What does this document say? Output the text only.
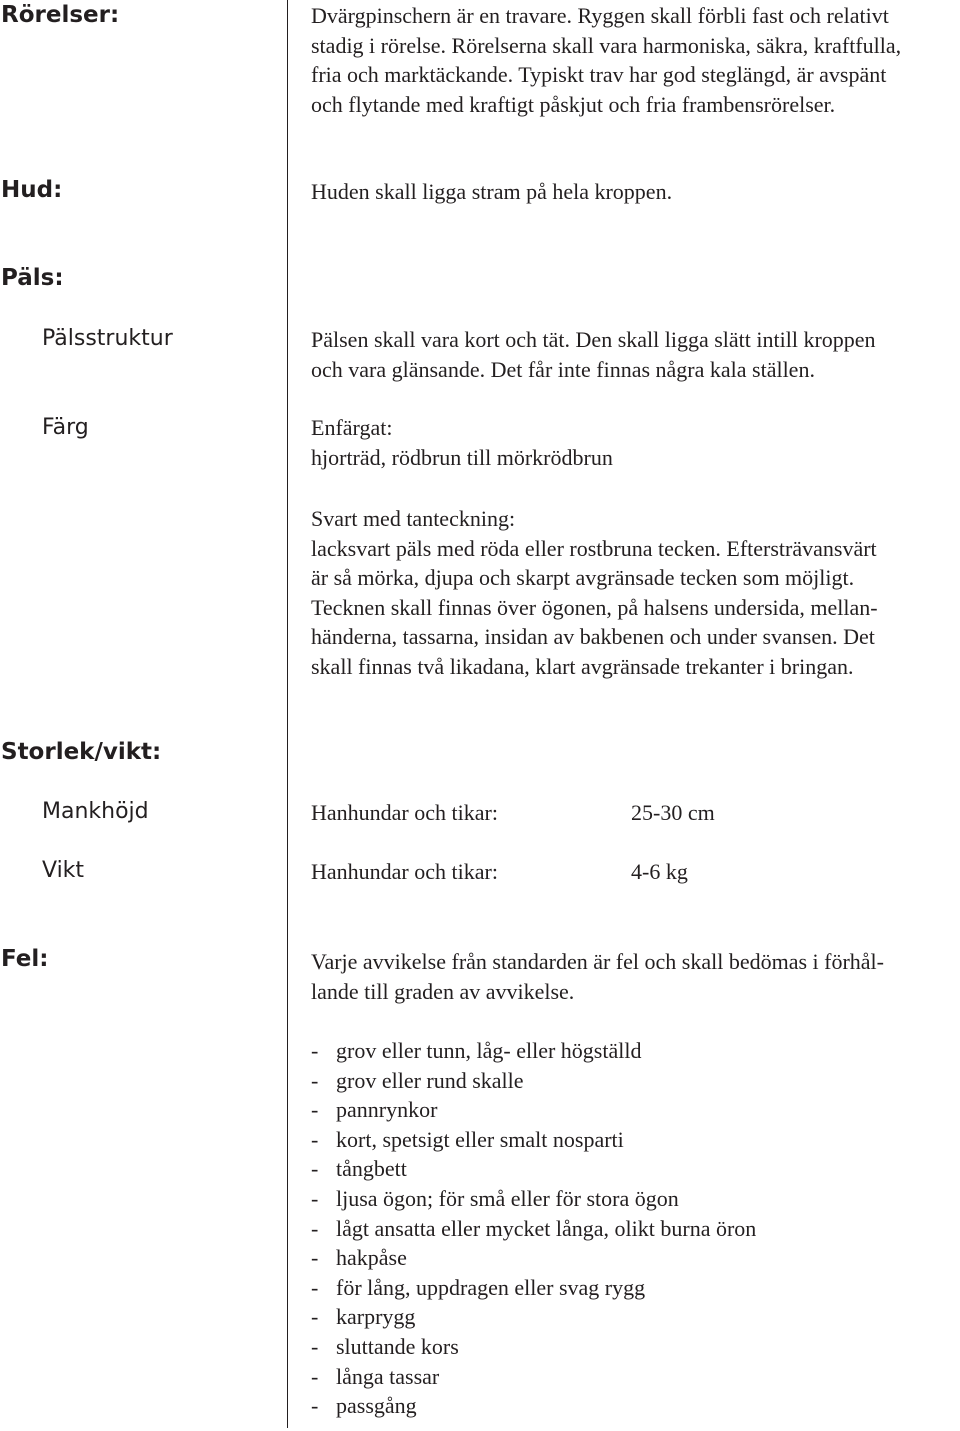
Rörelser:	Dvärgpinschern är en travare. Ryggen skall förbli fast och relativt
stadig i rörelse. Rörelserna skall vara harmoniska, säkra, kraftfulla,
fria och marktäckande. Typiskt trav har god steglängd, är avspänt
och flytande med kraftigt påskjut och fria frambensrörelser.
Hud:	Huden skall ligga stram på hela kroppen.
Päls:
Pälsstruktur	Pälsen skall vara kort och tät. Den skall ligga slätt intill kroppen
och vara glänsande. Det får inte finnas några kala ställen.
Färg	Enfärgat:
hjorträd, rödbrun till mörkrödbrun
Svart med tanteckning:
lacksvart päls med röda eller rostbruna tecken. Eftersträvansvärt
är så mörka, djupa och skarpt avgränsade tecken som möjligt.
Tecknen skall finnas över ögonen, på halsens undersida, mellan-
händerna, tassarna, insidan av bakbenen och under svansen. Det
skall finnas två likadana, klart avgränsade trekanter i bringan.
Storlek/vikt:
Mankhöjd	Hanhundar och tikar:	25-30 cm
Vikt	Hanhundar och tikar:	4-6 kg
Fel:	Varje avvikelse från standarden är fel och skall bedömas i förhål-
lande till graden av avvikelse.
- grov eller tunn, låg- eller högställd
- grov eller rund skalle
- pannrynkor
- kort, spetsigt eller smalt nosparti
- tångbett
- ljusa ögon; för små eller för stora ögon
- lågt ansatta eller mycket långa, olikt burna öron
- hakpåse
- för lång, uppdragen eller svag rygg
- karprygg
- sluttande kors
- långa tassar
- passgång
